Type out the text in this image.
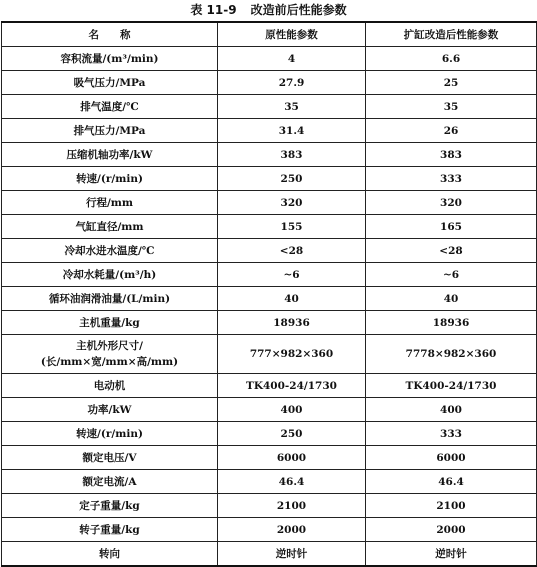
表 11-9 改造前后性能参数
名　　称	原性能参数	扩缸改造后性能参数
容积流量/(m³/min)	4	6.6
吸气压力/MPa	27.9	25
排气温度/℃	35	35
排气压力/MPa	31.4	26
压缩机轴功率/kW	383	383
转速/(r/min)	250	333
行程/mm	320	320
气缸直径/mm	155	165
冷却水进水温度/℃	<28	<28
冷却水耗量/(m³/h)	~6	~6
循环油润滑油量/(L/min)	40	40
主机重量/kg	18936	18936
主机外形尺寸/
(长/mm×宽/mm×高/mm)	777×982×360	7778×982×360
电动机	TK400-24/1730	TK400-24/1730
功率/kW	400	400
转速/(r/min)	250	333
额定电压/V	6000	6000
额定电流/A	46.4	46.4
定子重量/kg	2100	2100
转子重量/kg	2000	2000
转向	逆时针	逆时针
